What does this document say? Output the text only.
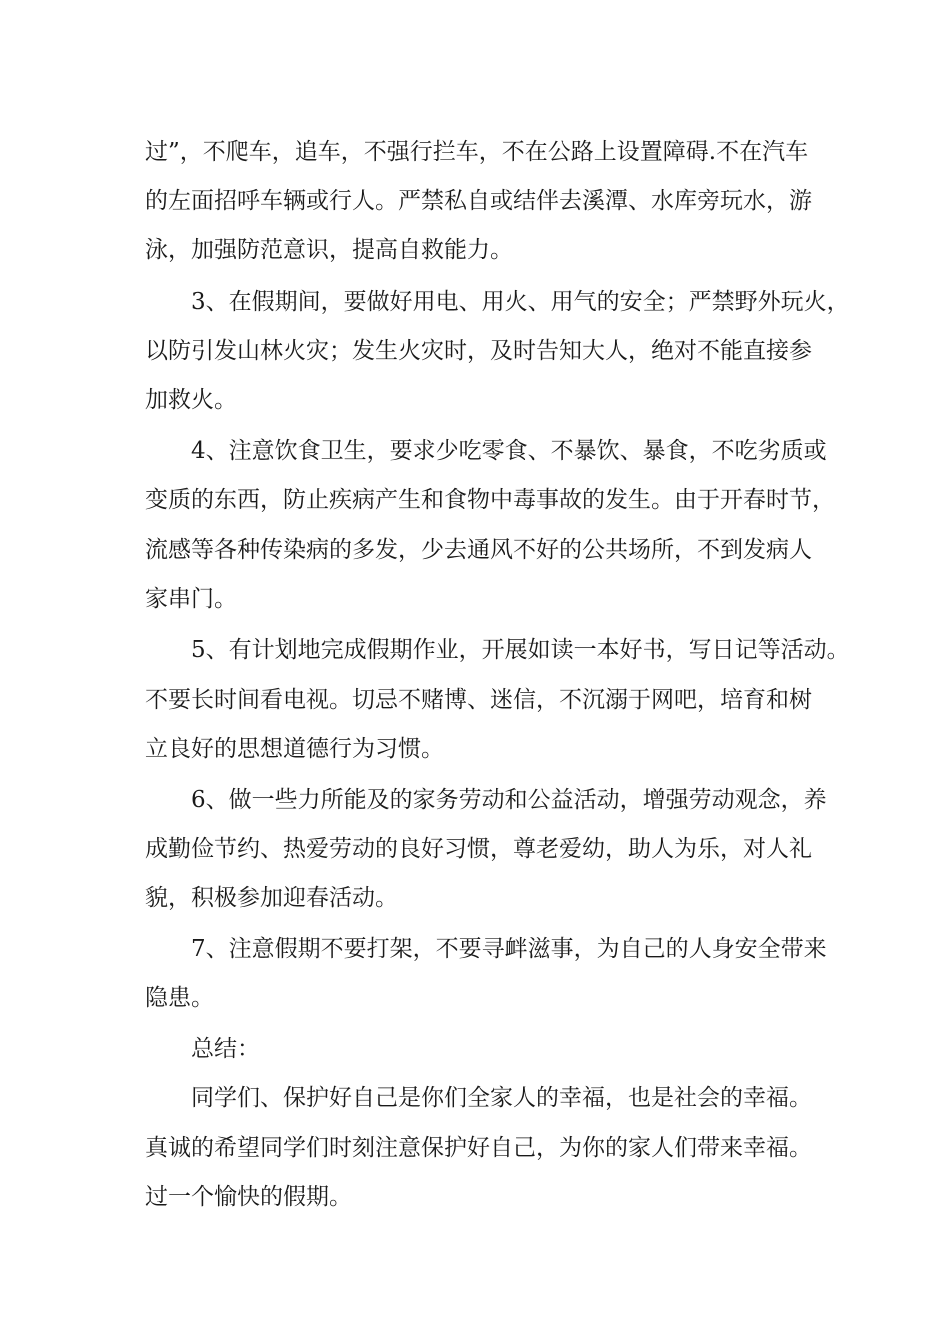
过”，不爬车，追车，不强行拦车，不在公路上设置障碍.不在汽车
的左面招呼车辆或行人。严禁私自或结伴去溪潭、水库旁玩水，游
泳，加强防范意识，提高自救能力。
3、在假期间，要做好用电、用火、用气的安全；严禁野外玩火，
以防引发山林火灾；发生火灾时，及时告知大人，绝对不能直接参
加救火。
4、注意饮食卫生，要求少吃零食、不暴饮、暴食，不吃劣质或
变质的东西，防止疾病产生和食物中毒事故的发生。由于开春时节，
流感等各种传染病的多发，少去通风不好的公共场所，不到发病人
家串门。
5、有计划地完成假期作业，开展如读一本好书，写日记等活动。
不要长时间看电视。切忌不赌博、迷信，不沉溺于网吧，培育和树
立良好的思想道德行为习惯。
6、做一些力所能及的家务劳动和公益活动，增强劳动观念，养
成勤俭节约、热爱劳动的良好习惯，尊老爱幼，助人为乐，对人礼
貌，积极参加迎春活动。
7、注意假期不要打架，不要寻衅滋事，为自己的人身安全带来
隐患。
总结：
同学们、保护好自己是你们全家人的幸福，也是社会的幸福。
真诚的希望同学们时刻注意保护好自己，为你的家人们带来幸福。
过一个愉快的假期。
